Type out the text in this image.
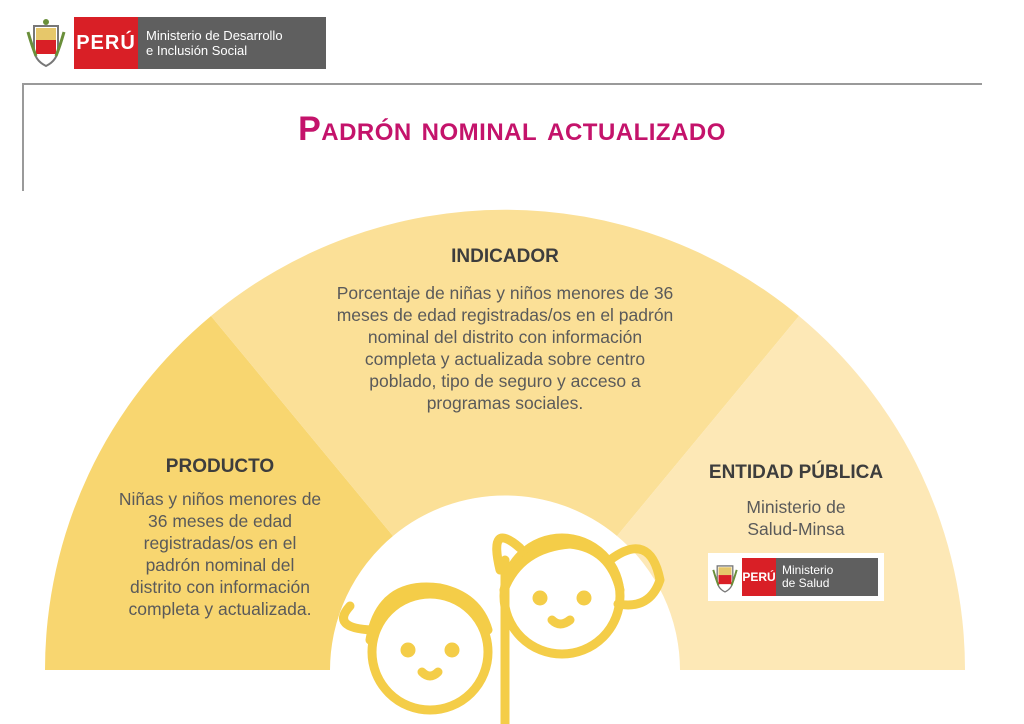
PERÚ Ministerio de Desarrollo
e Inclusión Social
Padrón nominal actualizado
PRODUCTO
Niñas y niños menores de
36 meses de edad
registradas/os en el
padrón nominal del
distrito con información
completa y actualizada.
INDICADOR
Porcentaje de niñas y niños menores de 36
meses de edad registradas/os en el padrón
nominal del distrito con información
completa y actualizada sobre centro
poblado, tipo de seguro y acceso a
programas sociales.
ENTIDAD PÚBLICA
Ministerio de
Salud-Minsa
PERÚ Ministerio
de Salud
